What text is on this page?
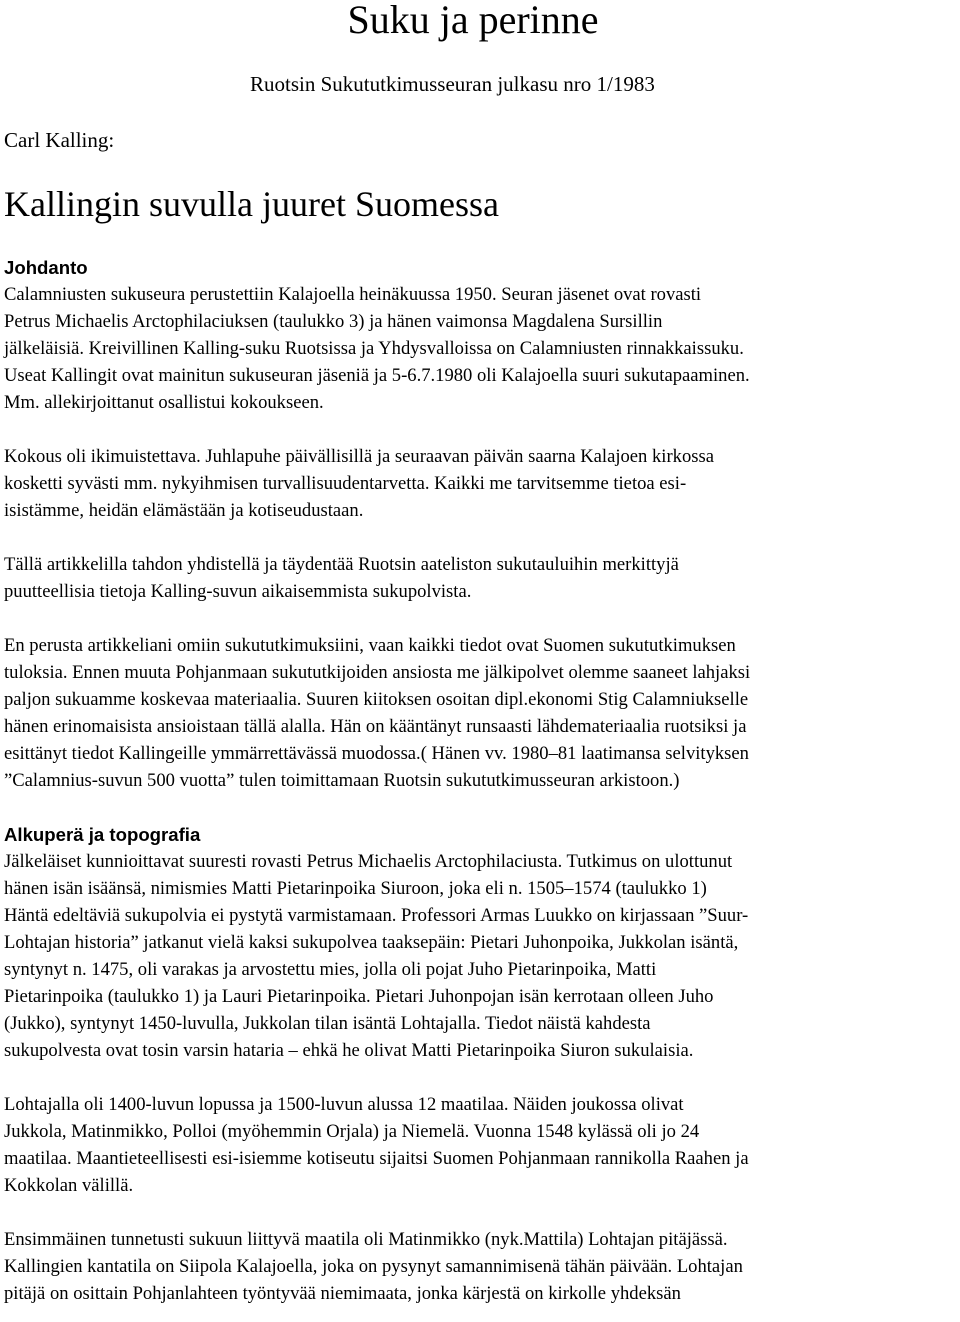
Suku ja perinne

Ruotsin Sukututkimusseuran julkasu nro 1/1983

Carl Kalling:

Kallingin suvulla juuret Suomessa
Johdanto

Calamniusten sukuseura perustettiin Kalajoella heinäkuussa 1950. Seuran jäsenet ovat rovasti
Petrus Michaelis Arctophilaciuksen (taulukko 3) ja hänen vaimonsa Magdalena Sursillin
jälkeläisiä. Kreivillinen Kalling-suku Ruotsissa ja Yhdysvalloissa on Calamniusten rinnakkaissuku.
Useat Kallingit ovat mainitun sukuseuran jäseniä ja 5-6.7.1980 oli Kalajoella suuri sukutapaaminen.
Mm. allekirjoittanut osallistui kokoukseen.

Kokous oli ikimuistettava. Juhlapuhe päivällisillä ja seuraavan päivän saarna Kalajoen kirkossa
kosketti syvästi mm. nykyihmisen turvallisuudentarvetta. Kaikki me tarvitsemme tietoa esi-
isistämme, heidän elämästään ja kotiseudustaan.

Tällä artikkelilla tahdon yhdistellä ja täydentää Ruotsin aateliston sukutauluihin merkittyjä
puutteellisia tietoja Kalling-suvun aikaisemmista sukupolvista.

En perusta artikkeliani omiin sukututkimuksiini, vaan kaikki tiedot ovat Suomen sukututkimuksen
tuloksia. Ennen muuta Pohjanmaan sukututkijoiden ansiosta me jälkipolvet olemme saaneet lahjaksi
paljon sukuamme koskevaa materiaalia. Suuren kiitoksen osoitan dipl.ekonomi Stig Calamniukselle
hänen erinomaisista ansioistaan tällä alalla. Hän on kääntänyt runsaasti lähdemateriaalia ruotsiksi ja
esittänyt tiedot Kallingeille ymmärrettävässä muodossa.( Hänen vv. 1980–81 laatimansa selvityksen
”Calamnius-suvun 500 vuotta” tulen toimittamaan Ruotsin sukututkimusseuran arkistoon.)

Alkuperä ja topografia

Jälkeläiset kunnioittavat suuresti rovasti Petrus Michaelis Arctophilaciusta. Tutkimus on ulottunut
hänen isän isäänsä, nimismies Matti Pietarinpoika Siuroon, joka eli n. 1505–1574 (taulukko 1)
Häntä edeltäviä sukupolvia ei pystytä varmistamaan. Professori Armas Luukko on kirjassaan ”Suur-
Lohtajan historia” jatkanut vielä kaksi sukupolvea taaksepäin: Pietari Juhonpoika, Jukkolan isäntä,
syntynyt n. 1475, oli varakas ja arvostettu mies, jolla oli pojat Juho Pietarinpoika, Matti
Pietarinpoika (taulukko 1) ja Lauri Pietarinpoika. Pietari Juhonpojan isän kerrotaan olleen Juho
(Jukko), syntynyt 1450-luvulla, Jukkolan tilan isäntä Lohtajalla. Tiedot näistä kahdesta
sukupolvesta ovat tosin varsin hataria – ehkä he olivat Matti Pietarinpoika Siuron sukulaisia.

Lohtajalla oli 1400-luvun lopussa ja 1500-luvun alussa 12 maatilaa. Näiden joukossa olivat
Jukkola, Matinmikko, Polloi (myöhemmin Orjala) ja Niemelä. Vuonna 1548 kylässä oli jo 24
maatilaa. Maantieteellisesti esi-isiemme kotiseutu sijaitsi Suomen Pohjanmaan rannikolla Raahen ja
Kokkolan välillä.

Ensimmäinen tunnetusti sukuun liittyvä maatila oli Matinmikko (nyk.Mattila) Lohtajan pitäjässä.
Kallingien kantatila on Siipola Kalajoella, joka on pysynyt samannimisenä tähän päivään. Lohtajan
pitäjä on osittain Pohjanlahteen työntyvää niemimaata, jonka kärjestä on kirkolle yhdeksän
